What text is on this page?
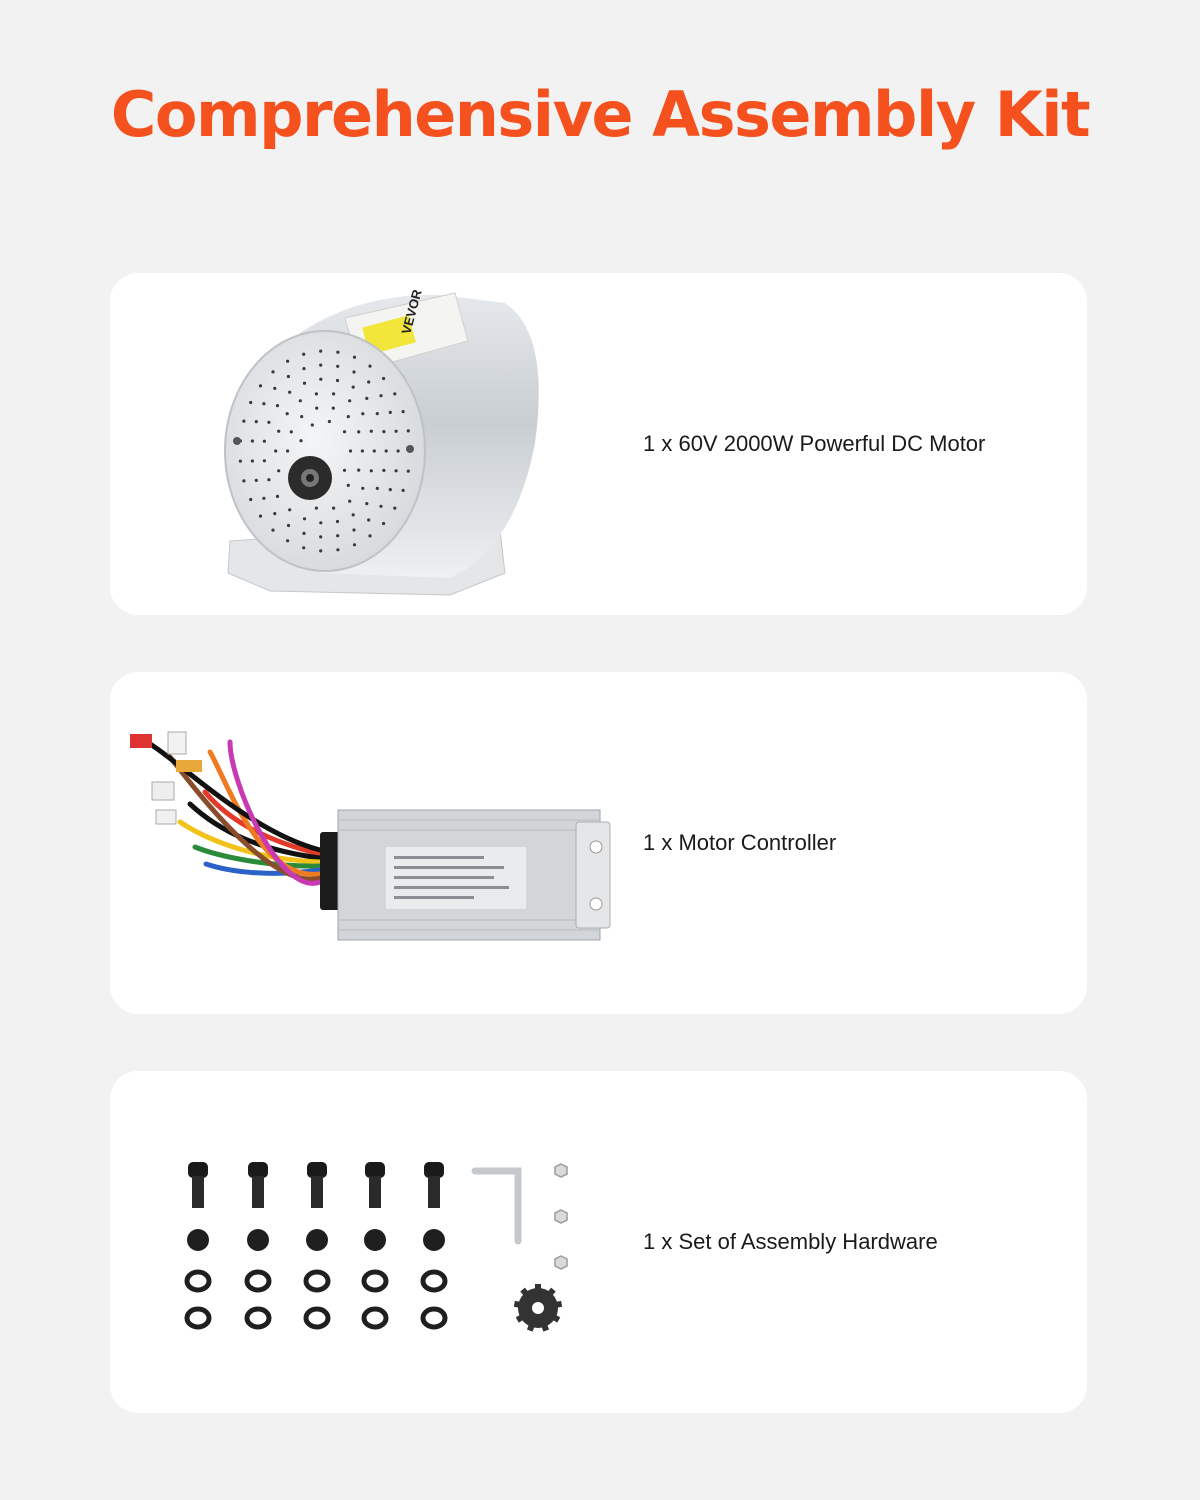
Comprehensive Assembly Kit
VEVOR
1 x 60V 2000W Powerful DC Motor
1 x Motor Controller
1 x Set of Assembly Hardware
